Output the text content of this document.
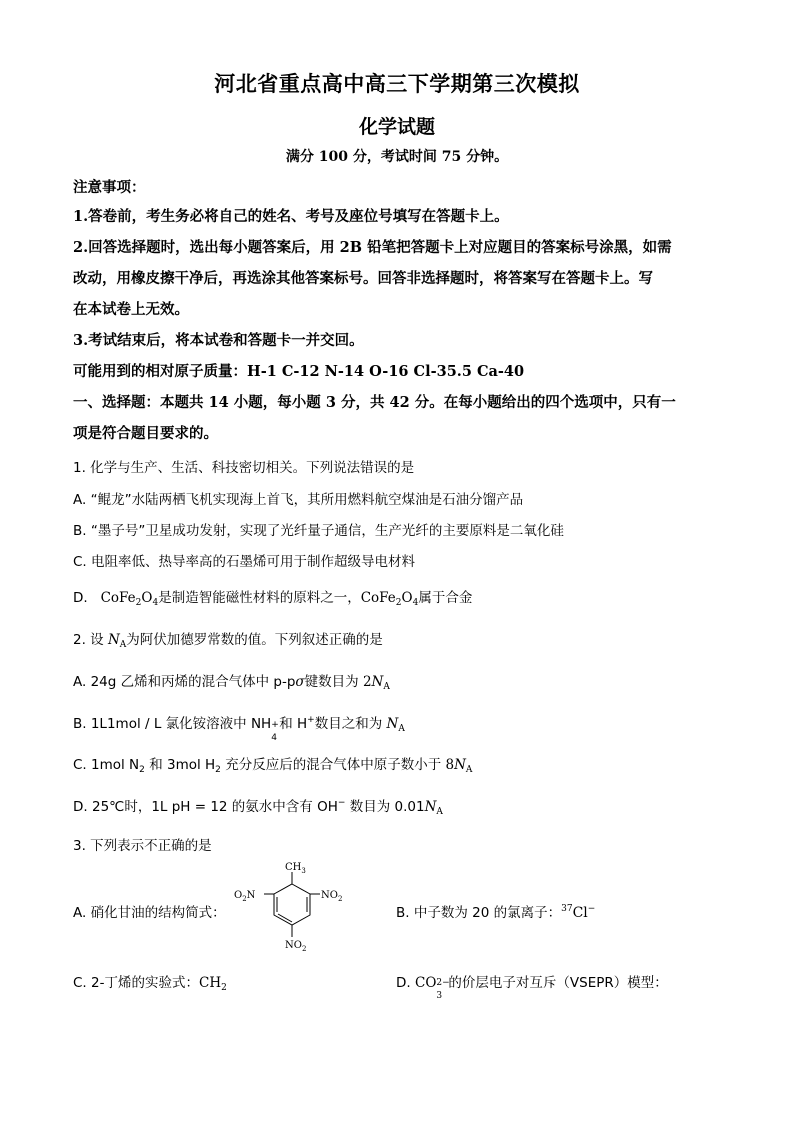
河北省重点高中高三下学期第三次模拟
化学试题
满分 100 分，考试时间 75 分钟。
注意事项：
1.答卷前，考生务必将自己的姓名、考号及座位号填写在答题卡上。
2.回答选择题时，选出每小题答案后，用 2B 铅笔把答题卡上对应题目的答案标号涂黑，如需
改动，用橡皮擦干净后，再选涂其他答案标号。回答非选择题时，将答案写在答题卡上。写
在本试卷上无效。
3.考试结束后，将本试卷和答题卡一并交回。
可能用到的相对原子质量：H-1 C-12 N-14 O-16 Cl-35.5 Ca-40
一、选择题：本题共 14 小题，每小题 3 分，共 42 分。在每小题给出的四个选项中，只有一
项是符合题目要求的。
1. 化学与生产、生活、科技密切相关。下列说法错误的是
A. “鲲龙”水陆两栖飞机实现海上首飞，其所用燃料航空煤油是石油分馏产品
B. “墨子号”卫星成功发射，实现了光纤量子通信，生产光纤的主要原料是二氧化硅
C. 电阻率低、热导率高的石墨烯可用于制作超级导电材料
D.   $CoFe_2O_4$是制造智能磁性材料的原料之一，$CoFe_2O_4$属于合金
2. 设 $N_A$为阿伏加德罗常数的值。下列叙述正确的是
A. 24g 乙烯和丙烯的混合气体中 p-pσ键数目为 $2N_A$
B. 1L1mol / L 氯化铵溶液中 NH +
4
和 H+数目之和为 $N_A$
C. 1mol $N_2$ 和 3mol $H_2$ 充分反应后的混合气体中原子数小于 $8N_A$
D. 25℃时，1L pH = 12 的氨水中含有 OH− 数目为 $0.01N_A$
3. 下列表示不正确的是
A. 硝化甘油的结构简式：
$CH_3$
$NO_2$
$O_2N$
$NO_2$
B. 中子数为 20 的氯离子：$^{37}$Cl−
C. 2-丁烯的实验式：$CH_2$	D. CO 2−
3
的价层电子对互斥（VSEPR）模型：
